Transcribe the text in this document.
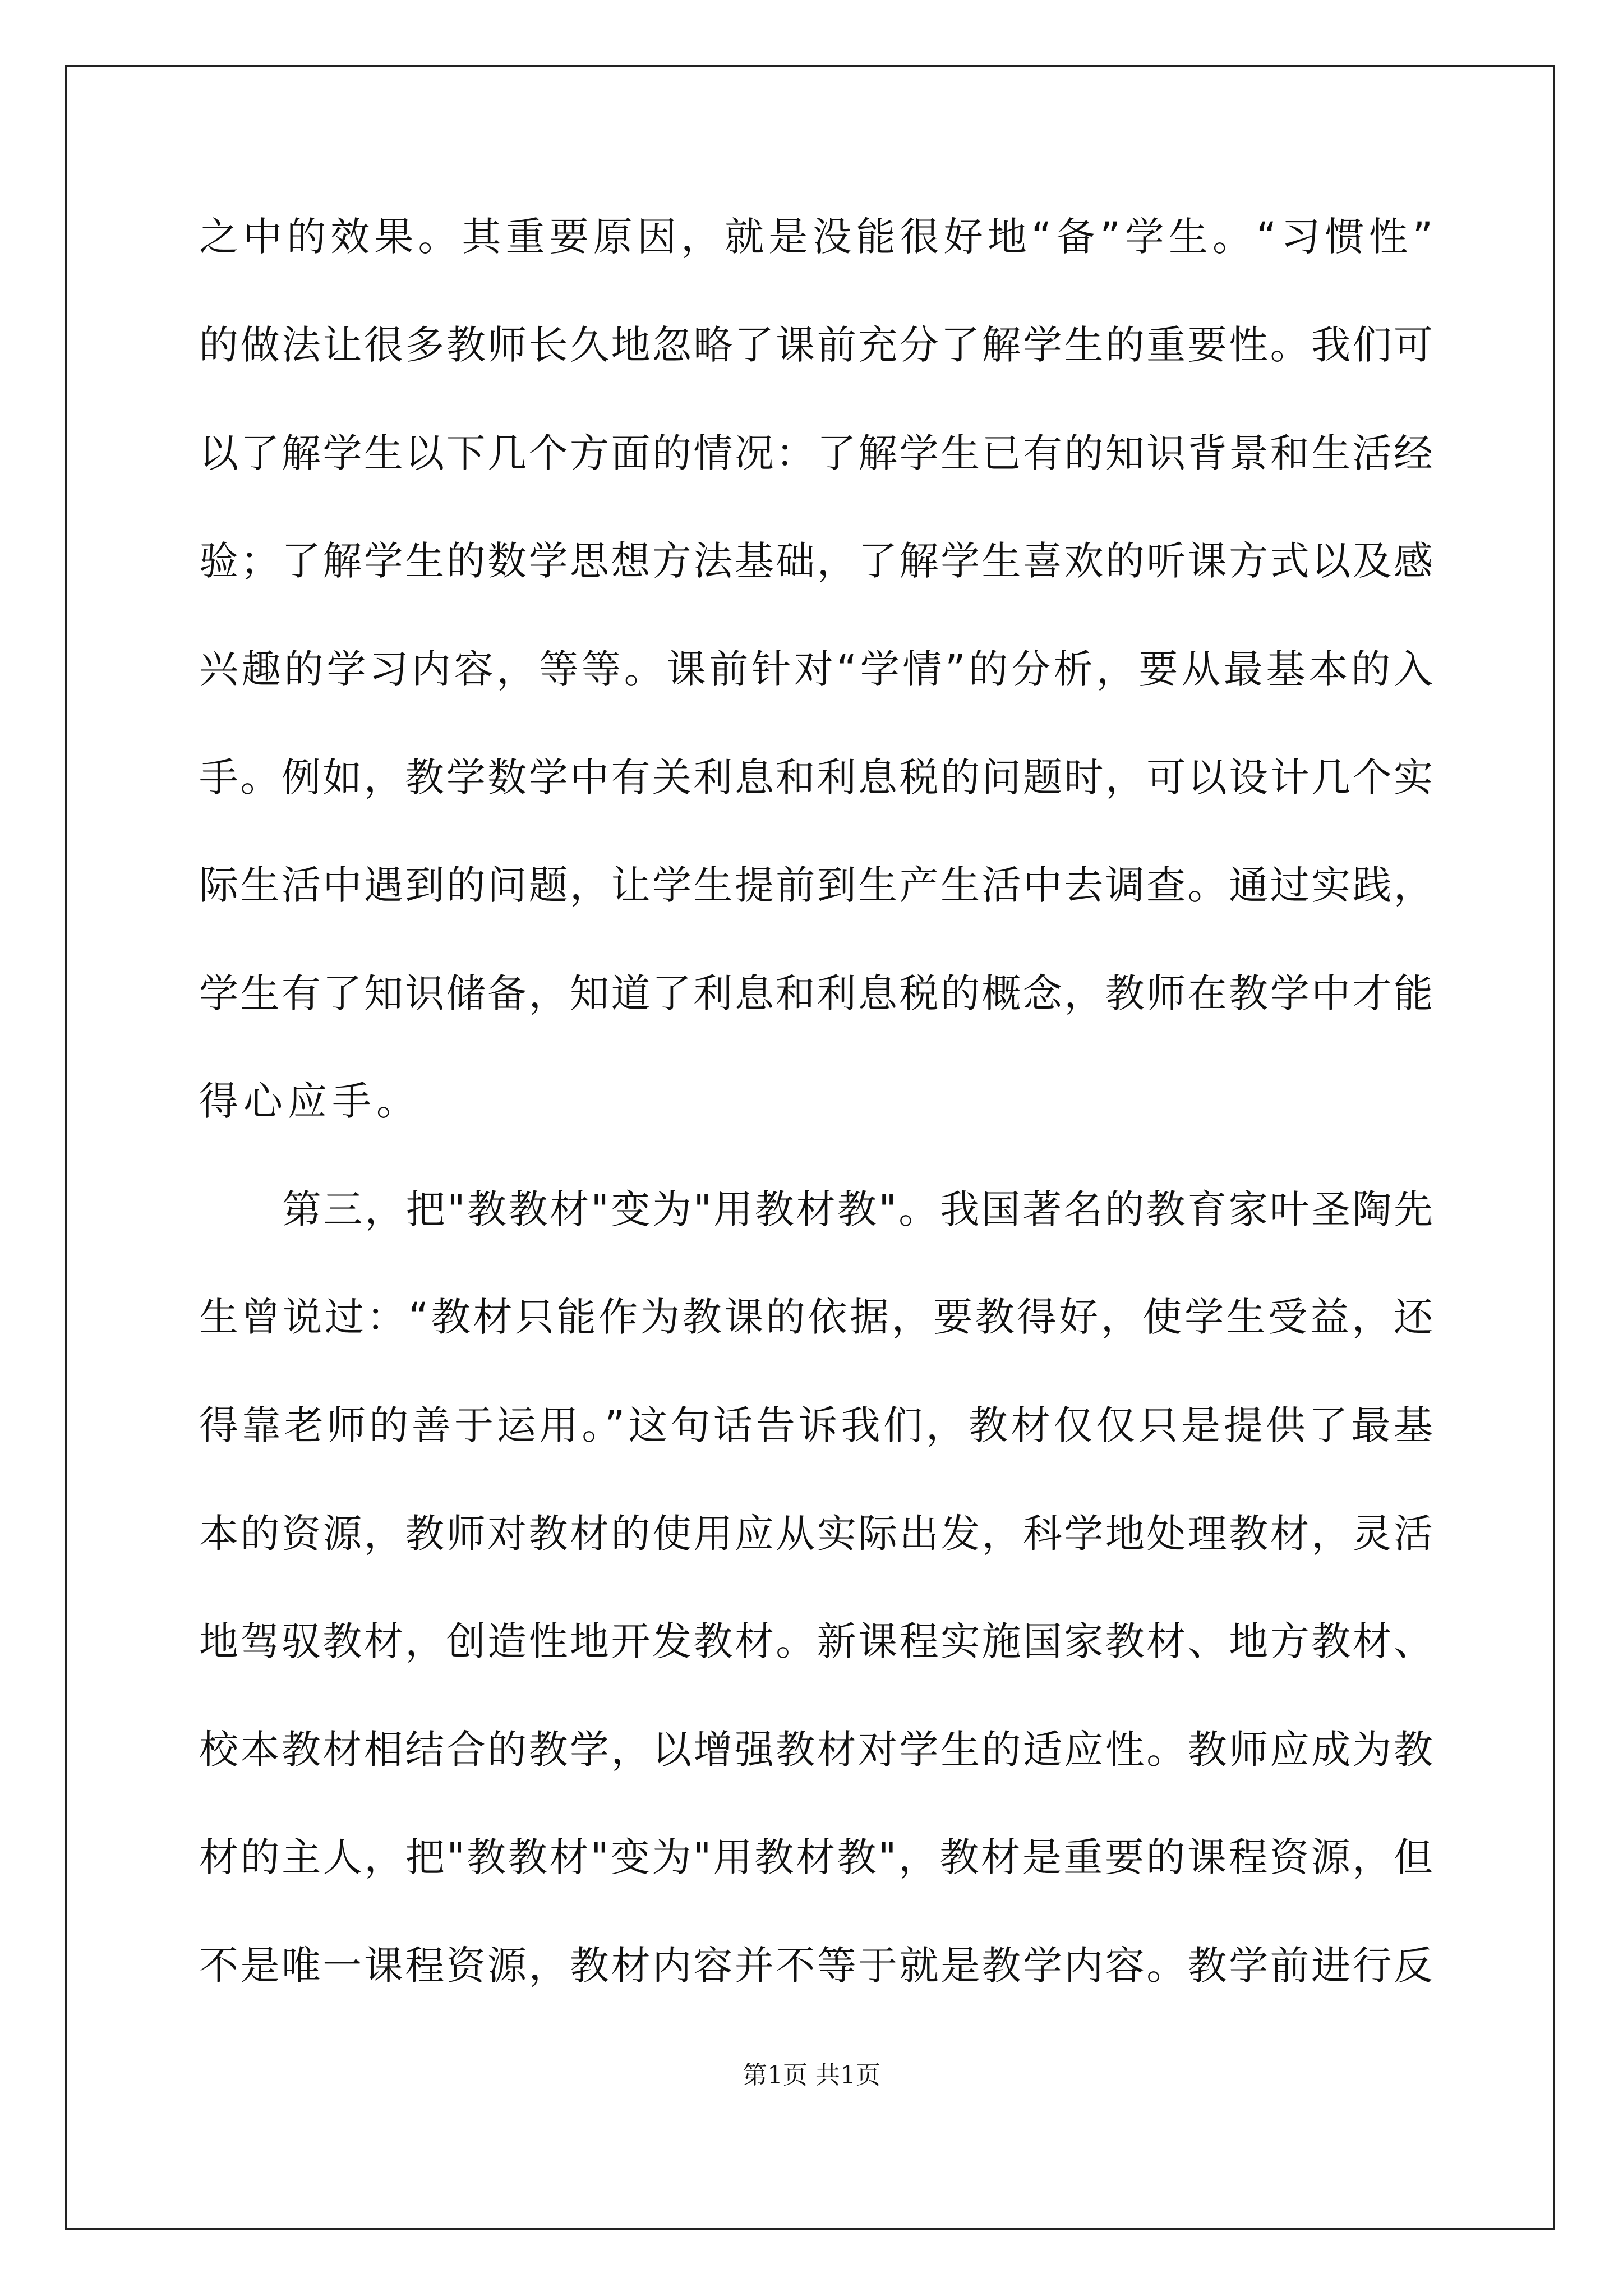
之中的效果。其重要原因，就是没能很好地“备”学生。“习惯性”
的做法让很多教师长久地忽略了课前充分了解学生的重要性。我们可
以了解学生以下几个方面的情况：了解学生已有的知识背景和生活经
验；了解学生的数学思想方法基础，了解学生喜欢的听课方式以及感
兴趣的学习内容，等等。课前针对“学情”的分析，要从最基本的入
手。例如，教学数学中有关利息和利息税的问题时，可以设计几个实
际生活中遇到的问题，让学生提前到生产生活中去调查。通过实践，
学生有了知识储备，知道了利息和利息税的概念，教师在教学中才能
得心应手。
第三，把"教教材"变为"用教材教"。我国著名的教育家叶圣陶先
生曾说过：“教材只能作为教课的依据，要教得好，使学生受益，还
得靠老师的善于运用。”这句话告诉我们，教材仅仅只是提供了最基
本的资源，教师对教材的使用应从实际出发，科学地处理教材，灵活
地驾驭教材，创造性地开发教材。新课程实施国家教材、地方教材、
校本教材相结合的教学，以增强教材对学生的适应性。教师应成为教
材的主人，把"教教材"变为"用教材教"，教材是重要的课程资源，但
不是唯一课程资源，教材内容并不等于就是教学内容。教学前进行反
第1页 共1页
